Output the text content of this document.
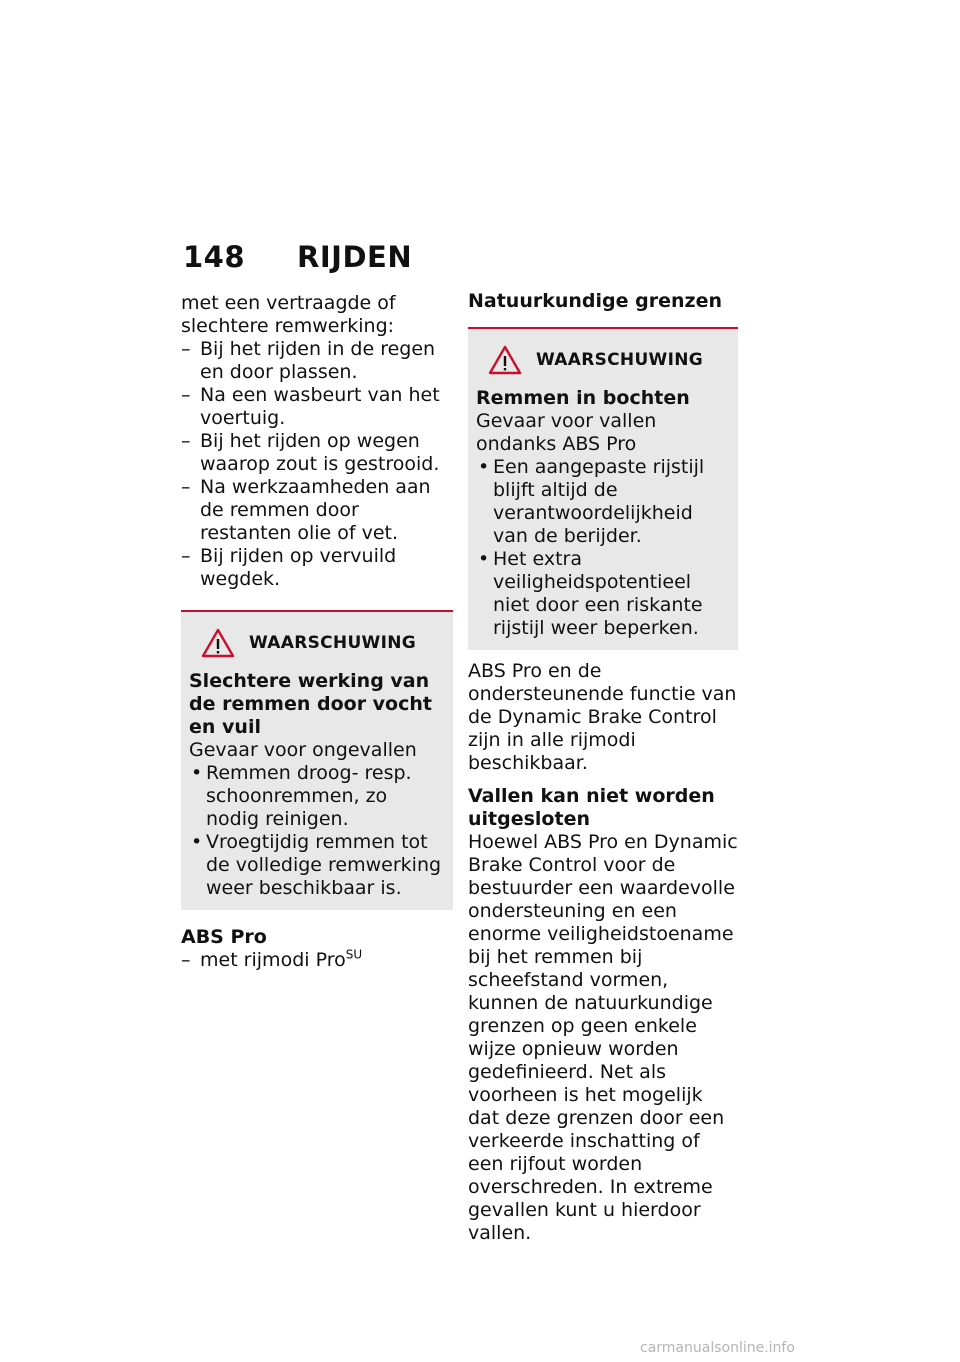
148 RIJDEN

met een vertraagde of slechtere remwerking:

– Bij het rijden in de regen en door plassen.
– Na een wasbeurt van het voertuig.
– Bij het rijden op wegen waarop zout is gestrooid.
– Na werkzaamheden aan de remmen door restanten olie of vet.
– Bij rijden op vervuild wegdek.
WAARSCHUWING

Slechtere werking van de remmen door vocht en vuil

Gevaar voor ongevallen

• Remmen droog- resp. schoonremmen, zo nodig reinigen.
• Vroegtijdig remmen tot de volledige remwerking weer beschikbaar is.

ABS Pro

– met rijmodi Pro$^{SU}$

Natuurkundige grenzen

WAARSCHUWING

Remmen in bochten

Gevaar voor vallen ondanks ABS Pro

• Een aangepaste rijstijl blijft altijd de verantwoordelijkheid van de berijder.
• Het extra veiligheidspotentieel niet door een riskante rijstijl weer beperken.

ABS Pro en de ondersteunende functie van de Dynamic Brake Control zijn in alle rijmodi beschikbaar.

Vallen kan niet worden uitgesloten

Hoewel ABS Pro en Dynamic Brake Control voor de bestuurder een waardevolle ondersteuning en een enorme veiligheidstoename bij het remmen bij scheefstand vormen, kunnen de natuurkundige grenzen op geen enkele wijze opnieuw worden gedefinieerd. Net als voorheen is het mogelijk dat deze grenzen door een verkeerde inschatting of een rijfout worden overschreden. In extreme gevallen kunt u hierdoor vallen.

carmanualsonline.info
